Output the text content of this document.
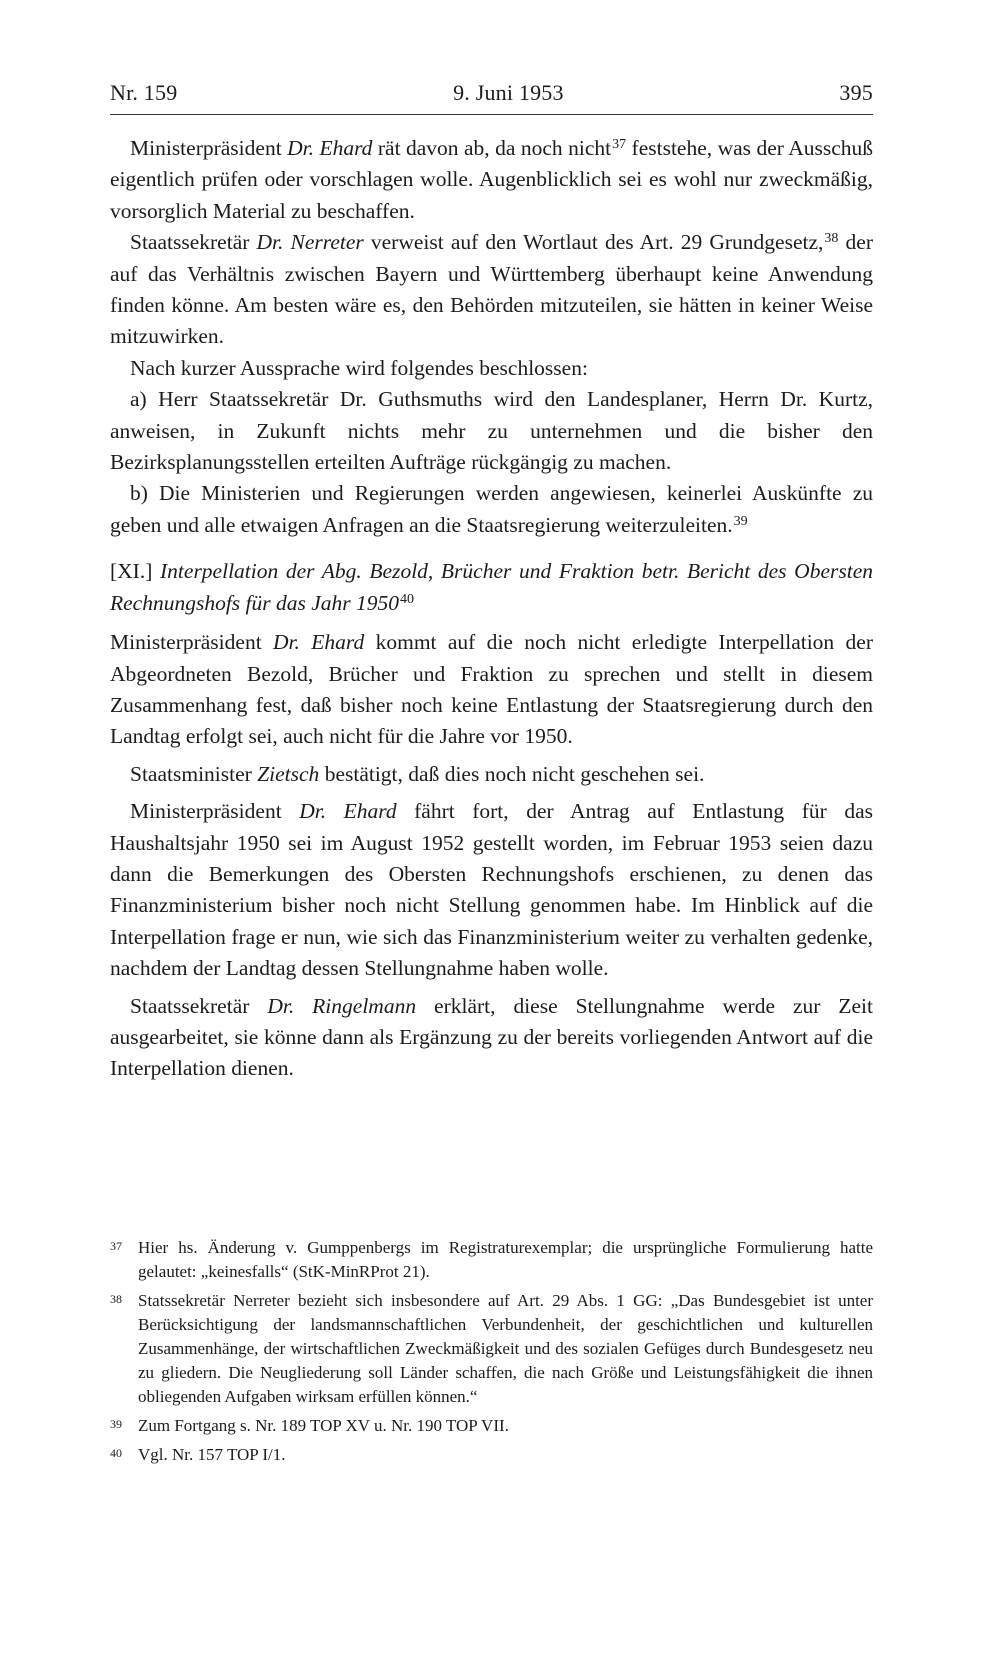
Nr. 159	9. Juni 1953	395

Ministerpräsident Dr. Ehard rät davon ab, da noch nicht$^{37}$ feststehe, was der Ausschuß eigentlich prüfen oder vorschlagen wolle. Augenblicklich sei es wohl nur zweckmäßig, vorsorglich Material zu beschaffen.

Staatssekretär Dr. Nerreter verweist auf den Wortlaut des Art. 29 Grundgesetz,$^{38}$ der auf das Verhältnis zwischen Bayern und Württemberg überhaupt keine Anwendung finden könne. Am besten wäre es, den Behörden mitzuteilen, sie hätten in keiner Weise mitzuwirken.

Nach kurzer Aussprache wird folgendes beschlossen:

a) Herr Staatssekretär Dr. Guthsmuths wird den Landesplaner, Herrn Dr. Kurtz, anweisen, in Zukunft nichts mehr zu unternehmen und die bisher den Bezirksplanungsstellen erteilten Aufträge rückgängig zu machen.

b) Die Ministerien und Regierungen werden angewiesen, keinerlei Auskünfte zu geben und alle etwaigen Anfragen an die Staatsregierung weiterzuleiten.$^{39}$

[XI.] Interpellation der Abg. Bezold, Brücher und Fraktion betr. Bericht des Obersten Rechnungshofs für das Jahr 1950$^{40}$

Ministerpräsident Dr. Ehard kommt auf die noch nicht erledigte Interpellation der Abgeordneten Bezold, Brücher und Fraktion zu sprechen und stellt in diesem Zusammenhang fest, daß bisher noch keine Entlastung der Staatsregierung durch den Landtag erfolgt sei, auch nicht für die Jahre vor 1950.

Staatsminister Zietsch bestätigt, daß dies noch nicht geschehen sei.

Ministerpräsident Dr. Ehard fährt fort, der Antrag auf Entlastung für das Haushaltsjahr 1950 sei im August 1952 gestellt worden, im Februar 1953 seien dazu dann die Bemerkungen des Obersten Rechnungshofs erschienen, zu denen das Finanzministerium bisher noch nicht Stellung genommen habe. Im Hinblick auf die Interpellation frage er nun, wie sich das Finanzministerium weiter zu verhalten gedenke, nachdem der Landtag dessen Stellungnahme haben wolle.

Staatssekretär Dr. Ringelmann erklärt, diese Stellungnahme werde zur Zeit ausgearbeitet, sie könne dann als Ergänzung zu der bereits vorliegenden Antwort auf die Interpellation dienen.

37 Hier hs. Änderung v. Gumppenbergs im Registraturexemplar; die ursprüngliche Formulierung hatte gelautet: „keinesfalls“ (StK-MinRProt 21).
38 Statssekretär Nerreter bezieht sich insbesondere auf Art. 29 Abs. 1 GG: „Das Bundesgebiet ist unter Berücksichtigung der landsmannschaftlichen Verbundenheit, der geschichtlichen und kulturellen Zusammenhänge, der wirtschaftlichen Zweckmäßigkeit und des sozialen Gefüges durch Bundesgesetz neu zu gliedern. Die Neugliederung soll Länder schaffen, die nach Größe und Leistungsfähigkeit die ihnen obliegenden Aufgaben wirksam erfüllen können.“
39 Zum Fortgang s. Nr. 189 TOP XV u. Nr. 190 TOP VII.
40 Vgl. Nr. 157 TOP I/1.
